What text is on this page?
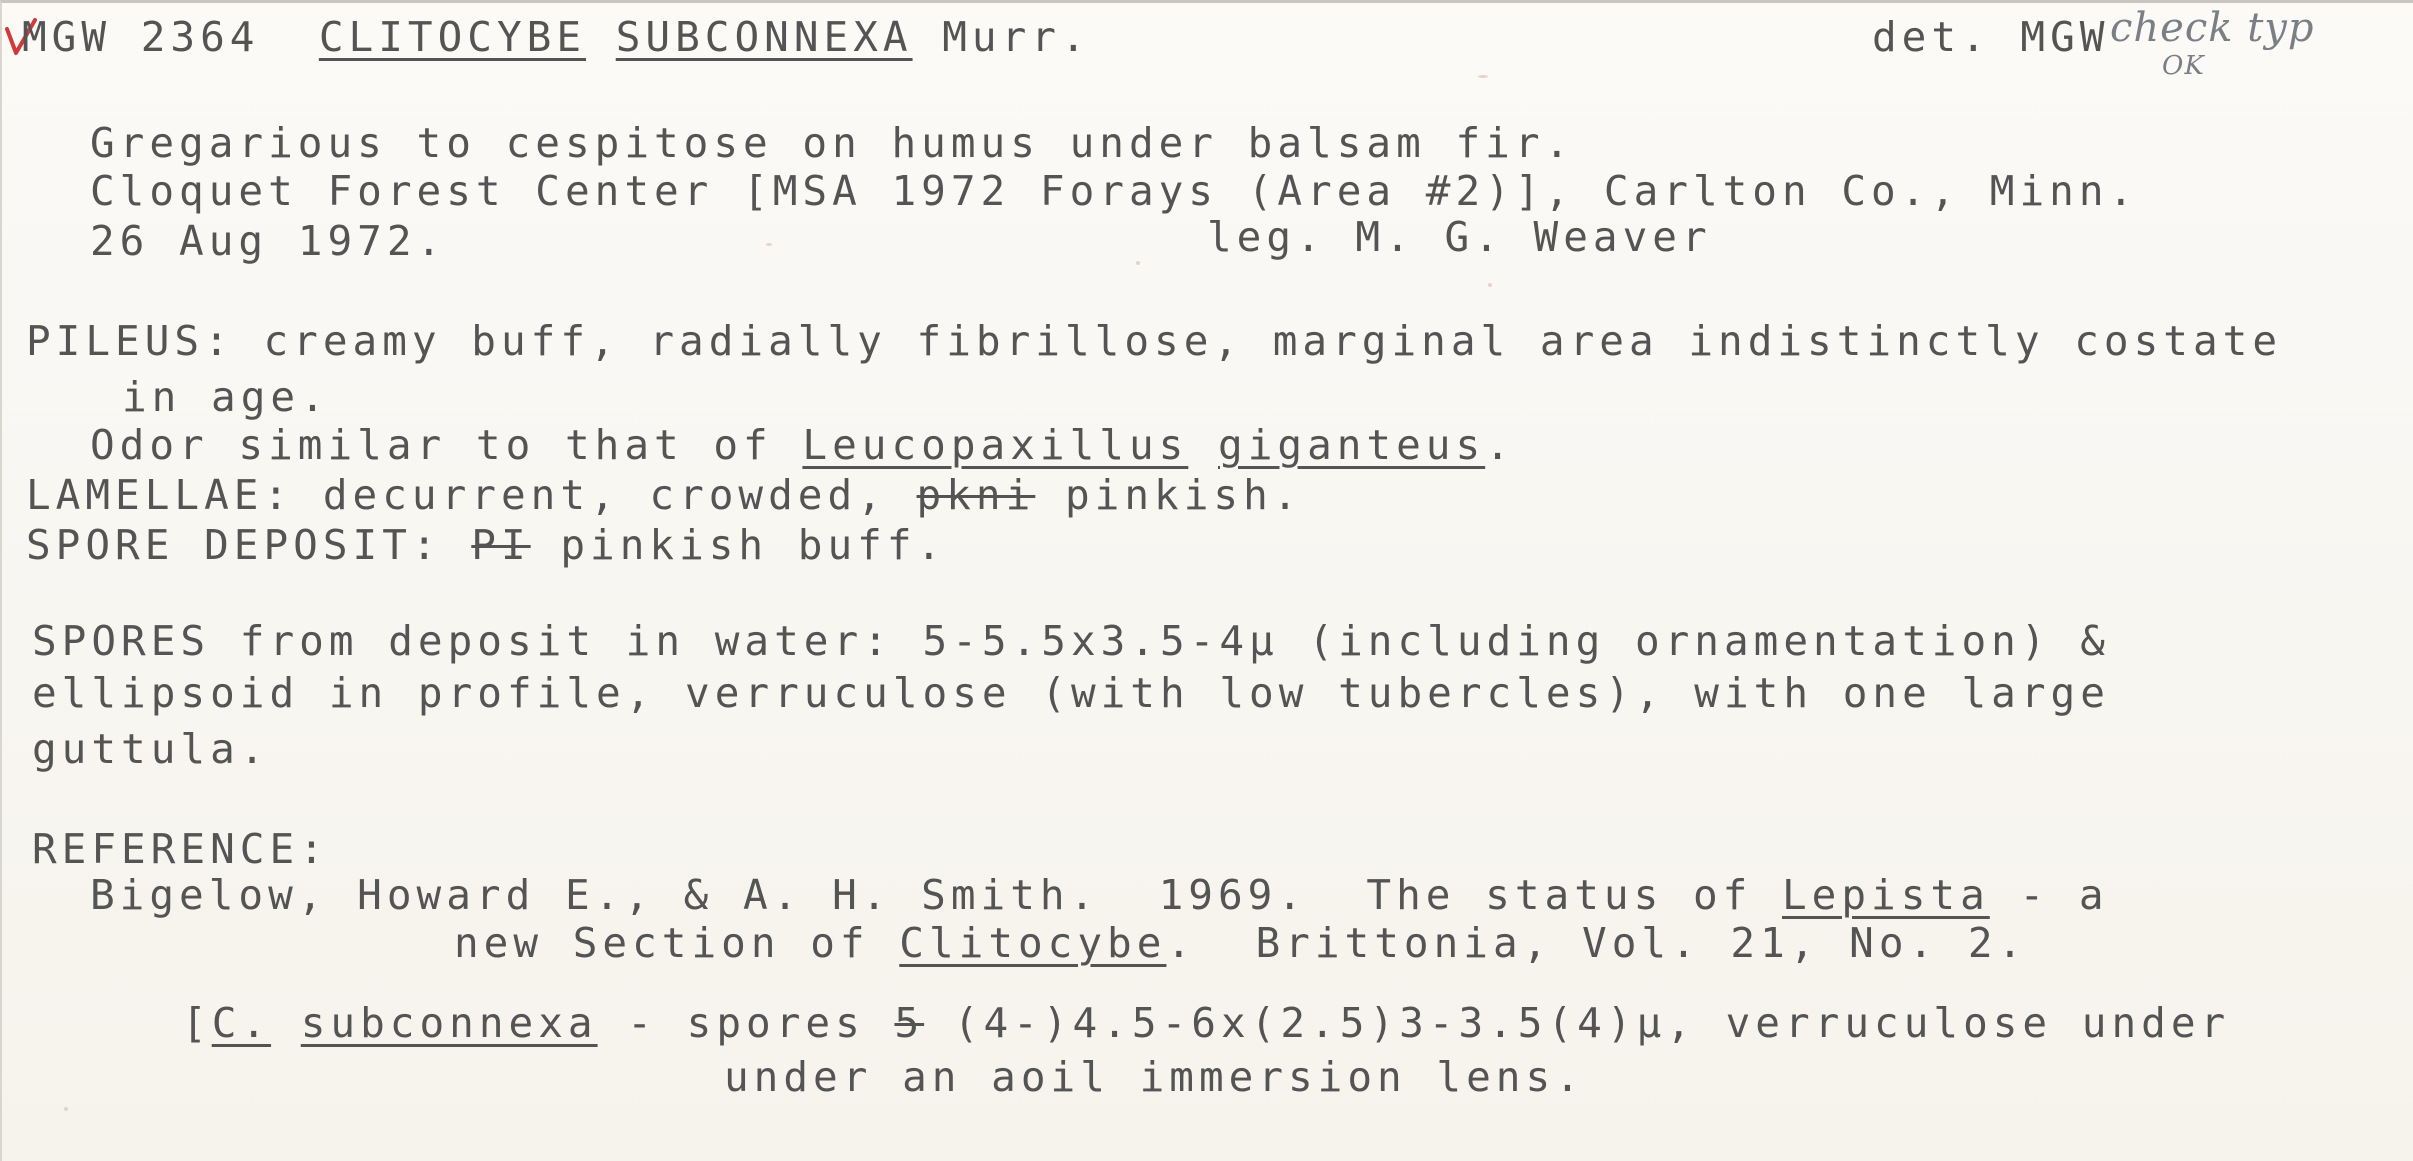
MGW 2364 CLITOCYBE SUBCONNEXA Murr.	det. MGW check typ
OK
Gregarious to cespitose on humus under balsam fir.
Cloquet Forest Center [MSA 1972 Forays (Area #2)], Carlton Co., Minn.
26 Aug 1972.	leg. M. G. Weaver
PILEUS: creamy buff, radially fibrillose, marginal area indistinctly costate
in age.
Odor similar to that of Leucopaxillus giganteus.
LAMELLAE: decurrent, crowded, pkni pinkish.
SPORE DEPOSIT: PI pinkish buff.
SPORES from deposit in water: 5-5.5x3.5-4µ (including ornamentation) &
ellipsoid in profile, verruculose (with low tubercles), with one large
guttula.
REFERENCE:
Bigelow, Howard E., & A. H. Smith.  1969.  The status of Lepista - a
new Section of Clitocybe.  Brittonia, Vol. 21, No. 2.
[C. subconnexa - spores 5 (4-)4.5-6x(2.5)3-3.5(4)µ, verruculose under
under an aoil immersion lens.
